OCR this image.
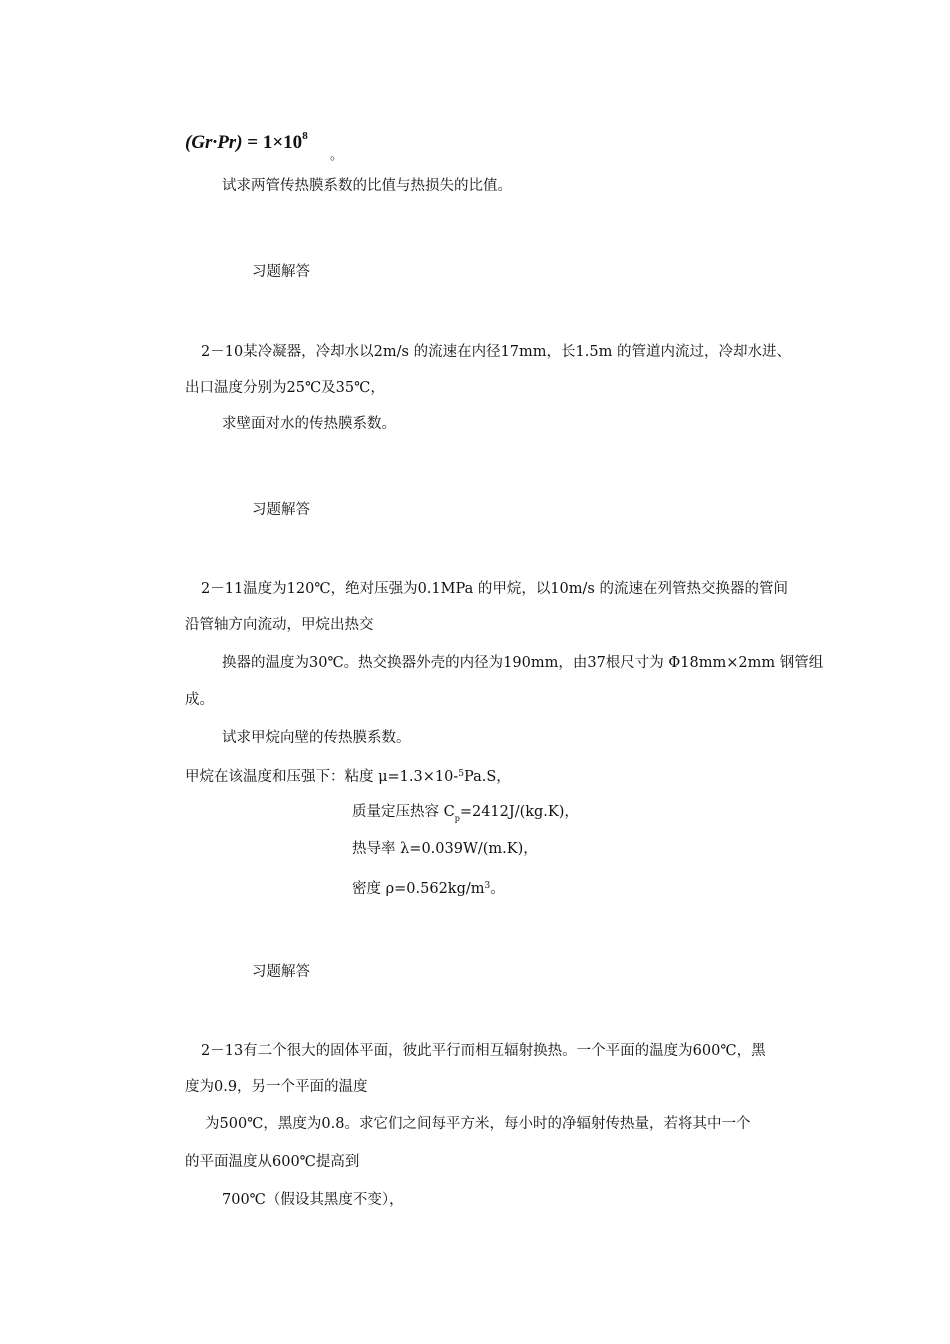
$(Gr\cdot Pr) = 1\times 10^8$
。
试求两管传热膜系数的比值与热损失的比值。
习题解答
2－10某冷凝器，冷却水以2m/s 的流速在内径17mm，长1.5m 的管道内流过，冷却水进、
出口温度分别为25℃及35℃，
求壁面对水的传热膜系数。
习题解答
2－11温度为120℃，绝对压强为0.1MPa 的甲烷，以10m/s 的流速在列管热交换器的管间
沿管轴方向流动，甲烷出热交
换器的温度为30℃。热交换器外壳的内径为190mm，由37根尺寸为 Φ18mm×2mm 钢管组
成。
试求甲烷向壁的传热膜系数。
甲烷在该温度和压强下：粘度 μ=1.3×10-$^5$Pa.S，
质量定压热容 $C_p=2412J/(kg.K)$，
热导率 λ=0.039W/(m.K)，
密度 $\rho=0.562kg/m^3$。
习题解答
2－13有二个很大的固体平面，彼此平行而相互辐射换热。一个平面的温度为600℃，黑
度为0.9，另一个平面的温度
为500℃，黑度为0.8。求它们之间每平方米，每小时的净辐射传热量，若将其中一个
的平面温度从600℃提高到
700℃（假设其黑度不变），
